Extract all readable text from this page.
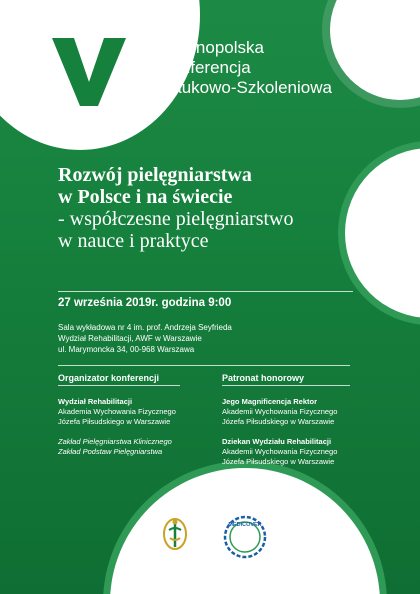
Ogólnopolska
Konferencja
Naukowo-Szkoleniowa
Rozwój pielęgniarstwa
w Polsce i na świecie
- współczesne pielęgniarstwo
w nauce i praktyce
27 września 2019r. godzina 9:00
Sala wykładowa nr 4 im. prof. Andrzeja Seyfrieda
Wydział Rehabilitacji, AWF w Warszawie
ul. Marymoncka 34, 00-968 Warszawa
Organizator konferencji
Wydział Rehabilitacji
Akademia Wychowania Fizycznego
Józefa Piłsudskiego w Warszawie
Zakład Pielęgniarstwa Klinicznego
Zakład Podstaw Pielęgniarstwa
Patronat honorowy
Jego Magnificencja Rektor
Akademii Wychowania Fizycznego
Józefa Piłsudskiego w Warszawie
Dziekan Wydziału Rehabilitacji
Akademii Wychowania Fizycznego
Józefa Piłsudskiego w Warszawie
MEDICOVER
